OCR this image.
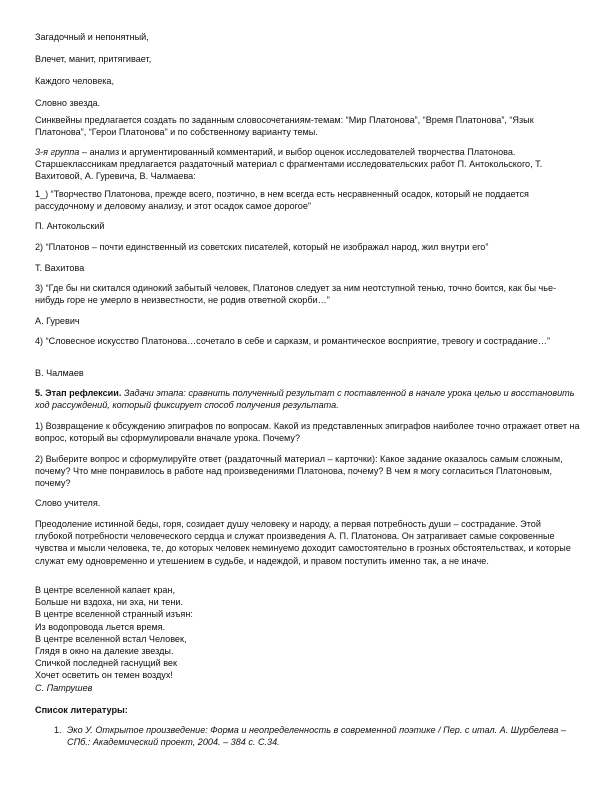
Загадочный и непонятный,

Влечет, манит, притягивает,

Каждого человека,

Словно звезда.

Синквейны предлагается создать по заданным словосочетаниям-темам: “Мир Платонова”, “Время Платонова”, “Язык Платонова”, “Герои Платонова” и по собственному варианту темы.

3-я группа – анализ и аргументированный комментарий, и выбор оценок исследователей творчества Платонова. Старшеклассникам предлагается раздаточный материал с фрагментами исследовательских работ П. Антокольского, Т. Вахитовой, А. Гуревича, В. Чалмаева:

1_) “Творчество Платонова, прежде всего, поэтично, в нем всегда есть несравненный осадок, который не поддается рассудочному и деловому анализу, и этот осадок самое дорогое”

П. Антокольский

2) “Платонов – почти единственный из советских писателей, который не изображал народ, жил внутри его”

Т. Вахитова

3) “Где бы ни скитался одинокий забытый человек, Платонов следует за ним неотступной тенью, точно боится, как бы чье-нибудь горе не умерло в неизвестности, не родив ответной скорби…”

А. Гуревич

4) “Словесное искусство Платонова…сочетало в себе и сарказм, и романтическое восприятие, тревогу и сострадание…”

В. Чалмаев

5. Этап рефлексии. Задачи этапа: сравнить полученный результат с поставленной в начале урока целью и восстановить ход рассуждений, который фиксирует способ получения результата.

1) Возвращение к обсуждению эпиграфов по вопросам. Какой из представленных эпиграфов наиболее точно отражает ответ на вопрос, который вы сформулировали вначале урока. Почему?

2) Выберите вопрос и сформулируйте ответ (раздаточный материал – карточки): Какое задание оказалось самым сложным, почему? Что мне понравилось в работе над произведениями Платонова, почему? В чем я могу согласиться Платоновым, почему?

Слово учителя.

Преодоление истинной беды, горя, созидает душу человеку и народу, а первая потребность души – сострадание. Этой глубокой потребности человеческого сердца и служат произведения А. П. Платонова. Он затрагивает самые сокровенные чувства и мысли человека, те, до которых человек неминуемо доходит самостоятельно в грозных обстоятельствах, и которые служат ему одновременно и утешением в судьбе, и надеждой, и правом поступить именно так, а не иначе.

В центре вселенной капает кран,
Больше ни вздоха, ни эха, ни тени.
В центре вселенной странный изъян:
Из водопровода льется время.
В центре вселенной встал Человек,
Глядя в окно на далекие звезды.
Спичкой последней гаснущий век
Хочет осветить он темен воздух!
С. Патрушев

Список литературы:

1. Эко У. Открытое произведение: Форма и неопределенность в современной поэтике / Пер. с итал. А. Шурбелева – СПб.: Академический проект, 2004. – 384 с. С.34.
